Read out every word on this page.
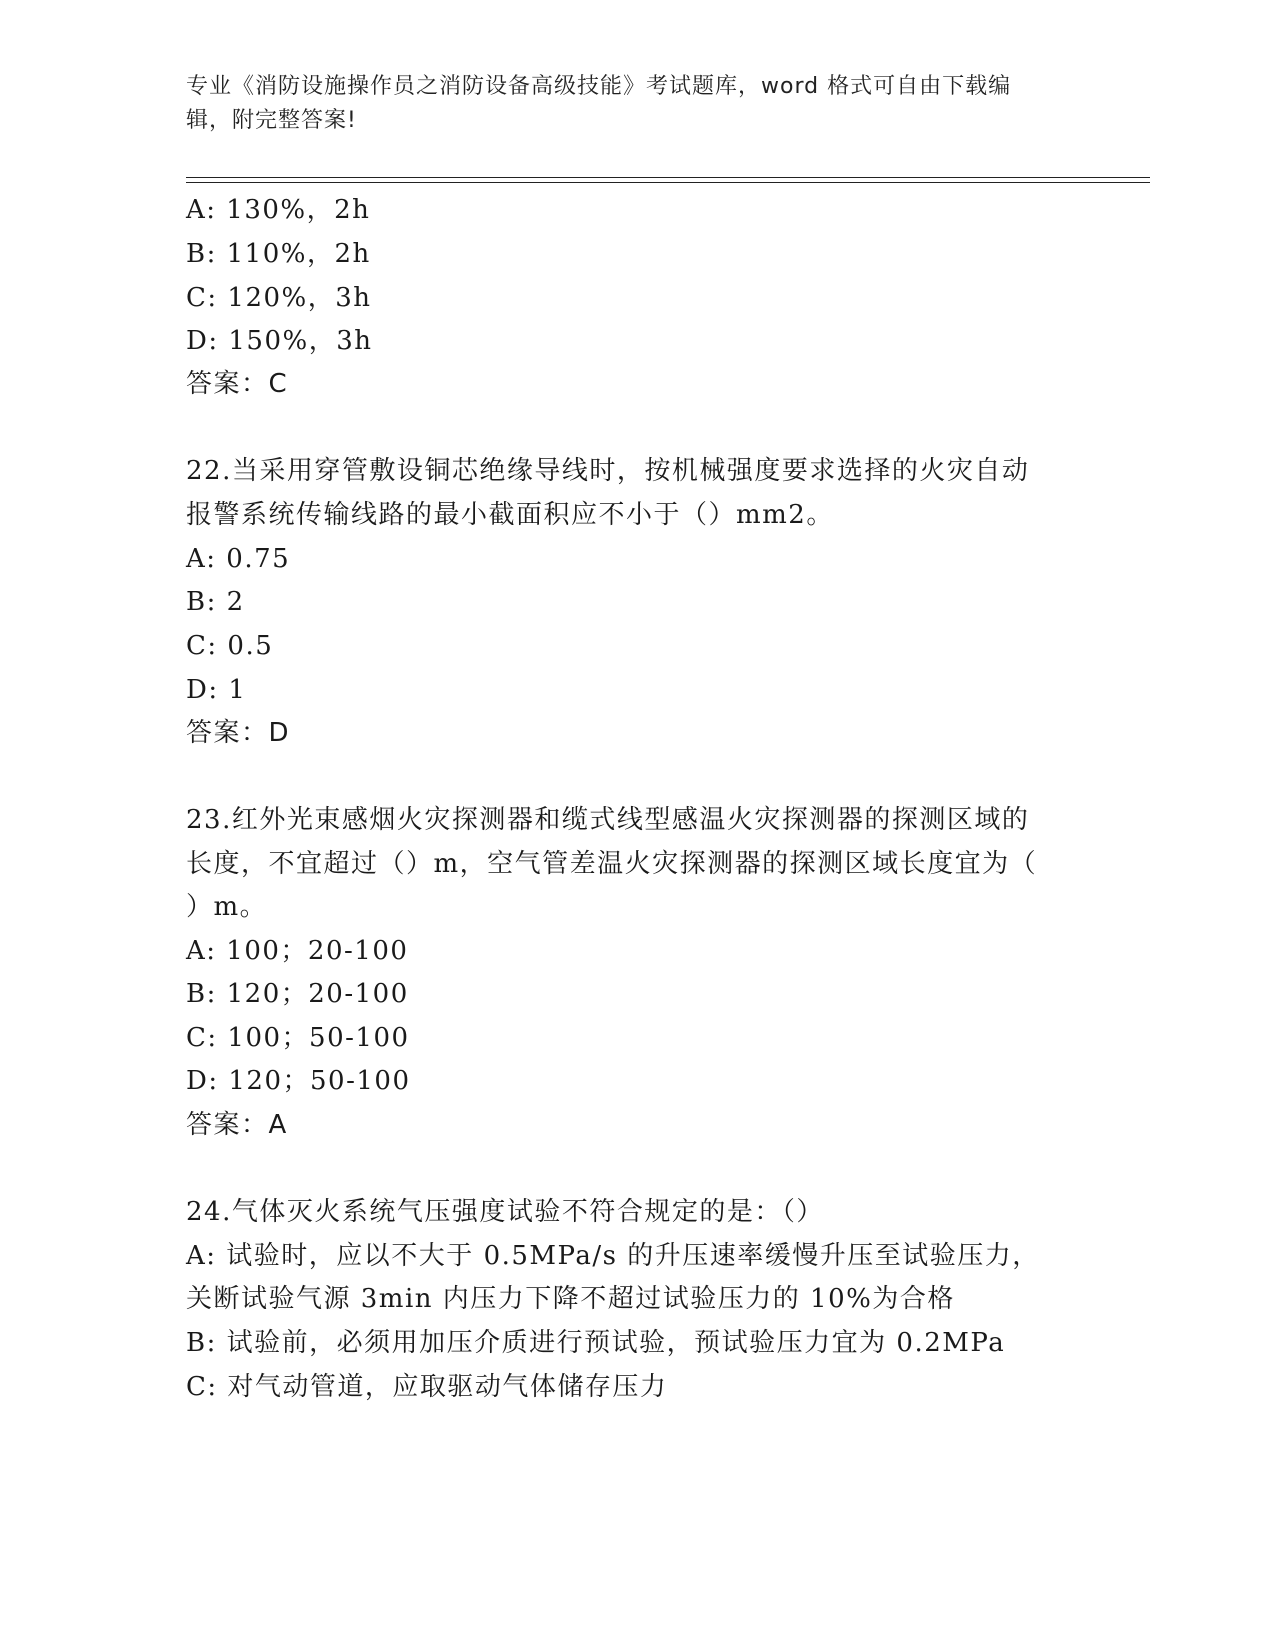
专业《消防设施操作员之消防设备高级技能》考试题库，word 格式可自由下载编
辑，附完整答案!
A: 130%，2h
B: 110%，2h
C: 120%，3h
D: 150%，3h
答案：C
22.当采用穿管敷设铜芯绝缘导线时，按机械强度要求选择的火灾自动
报警系统传输线路的最小截面积应不小于（）mm2。
A: 0.75
B: 2
C: 0.5
D: 1
答案：D
23.红外光束感烟火灾探测器和缆式线型感温火灾探测器的探测区域的
长度，不宜超过（）m，空气管差温火灾探测器的探测区域长度宜为（
）m。
A: 100；20-100
B: 120；20-100
C: 100；50-100
D: 120；50-100
答案：A
24.气体灭火系统气压强度试验不符合规定的是：（）
A: 试验时，应以不大于 0.5MPa/s 的升压速率缓慢升压至试验压力，
关断试验气源 3min 内压力下降不超过试验压力的 10%为合格
B: 试验前，必须用加压介质进行预试验，预试验压力宜为 0.2MPa
C: 对气动管道，应取驱动气体储存压力
